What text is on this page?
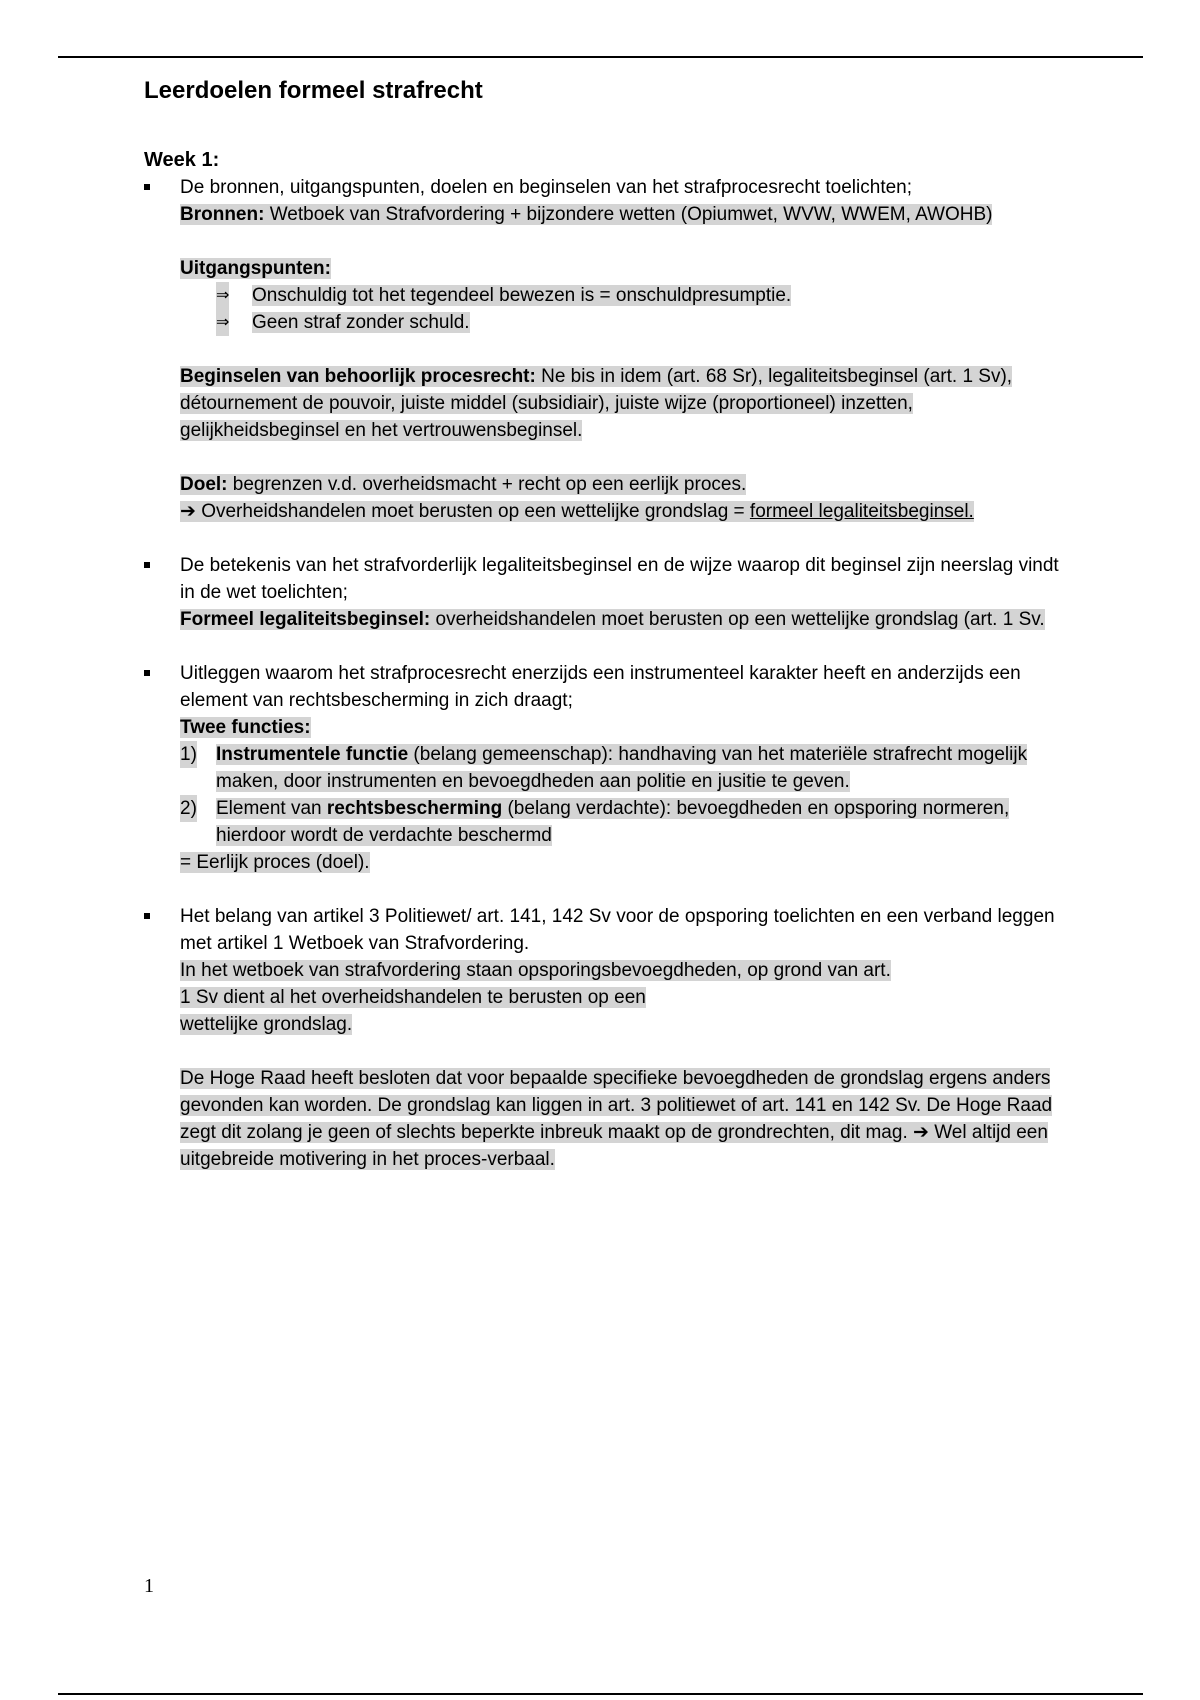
Leerdoelen formeel strafrecht
Week 1:
De bronnen, uitgangspunten, doelen en beginselen van het strafprocesrecht toelichten;
Bronnen: Wetboek van Strafvordering + bijzondere wetten (Opiumwet, WVW, WWEM, AWOHB)
Uitgangspunten:
⇒ Onschuldig tot het tegendeel bewezen is = onschuldpresumptie.
⇒ Geen straf zonder schuld.
Beginselen van behoorlijk procesrecht: Ne bis in idem (art. 68 Sr), legaliteitsbeginsel (art. 1 Sv), détournement de pouvoir, juiste middel (subsidiair), juiste wijze (proportioneel) inzetten, gelijkheidsbeginsel en het vertrouwensbeginsel.
Doel: begrenzen v.d. overheidsmacht + recht op een eerlijk proces.
➔ Overheidshandelen moet berusten op een wettelijke grondslag = formeel legaliteitsbeginsel.
De betekenis van het strafvorderlijk legaliteitsbeginsel en de wijze waarop dit beginsel zijn neerslag vindt in de wet toelichten;
Formeel legaliteitsbeginsel: overheidshandelen moet berusten op een wettelijke grondslag (art. 1 Sv.
Uitleggen waarom het strafprocesrecht enerzijds een instrumenteel karakter heeft en anderzijds een element van rechtsbescherming in zich draagt;
Twee functies:
1) Instrumentele functie (belang gemeenschap): handhaving van het materiële strafrecht mogelijk maken, door instrumenten en bevoegdheden aan politie en jusitie te geven.
2) Element van rechtsbescherming (belang verdachte): bevoegdheden en opsporing normeren, hierdoor wordt de verdachte beschermd
= Eerlijk proces (doel).
Het belang van artikel 3 Politiewet/ art. 141, 142 Sv voor de opsporing toelichten en een verband leggen met artikel 1 Wetboek van Strafvordering.
In het wetboek van strafvordering staan opsporingsbevoegdheden, op grond van art. 1 Sv dient al het overheidshandelen te berusten op een
wettelijke grondslag.
De Hoge Raad heeft besloten dat voor bepaalde specifieke bevoegdheden de grondslag ergens anders gevonden kan worden. De grondslag kan liggen in art. 3 politiewet of art. 141 en 142 Sv. De Hoge Raad zegt dit zolang je geen of slechts beperkte inbreuk maakt op de grondrechten, dit mag. ➔ Wel altijd een uitgebreide motivering in het proces-verbaal.
1
